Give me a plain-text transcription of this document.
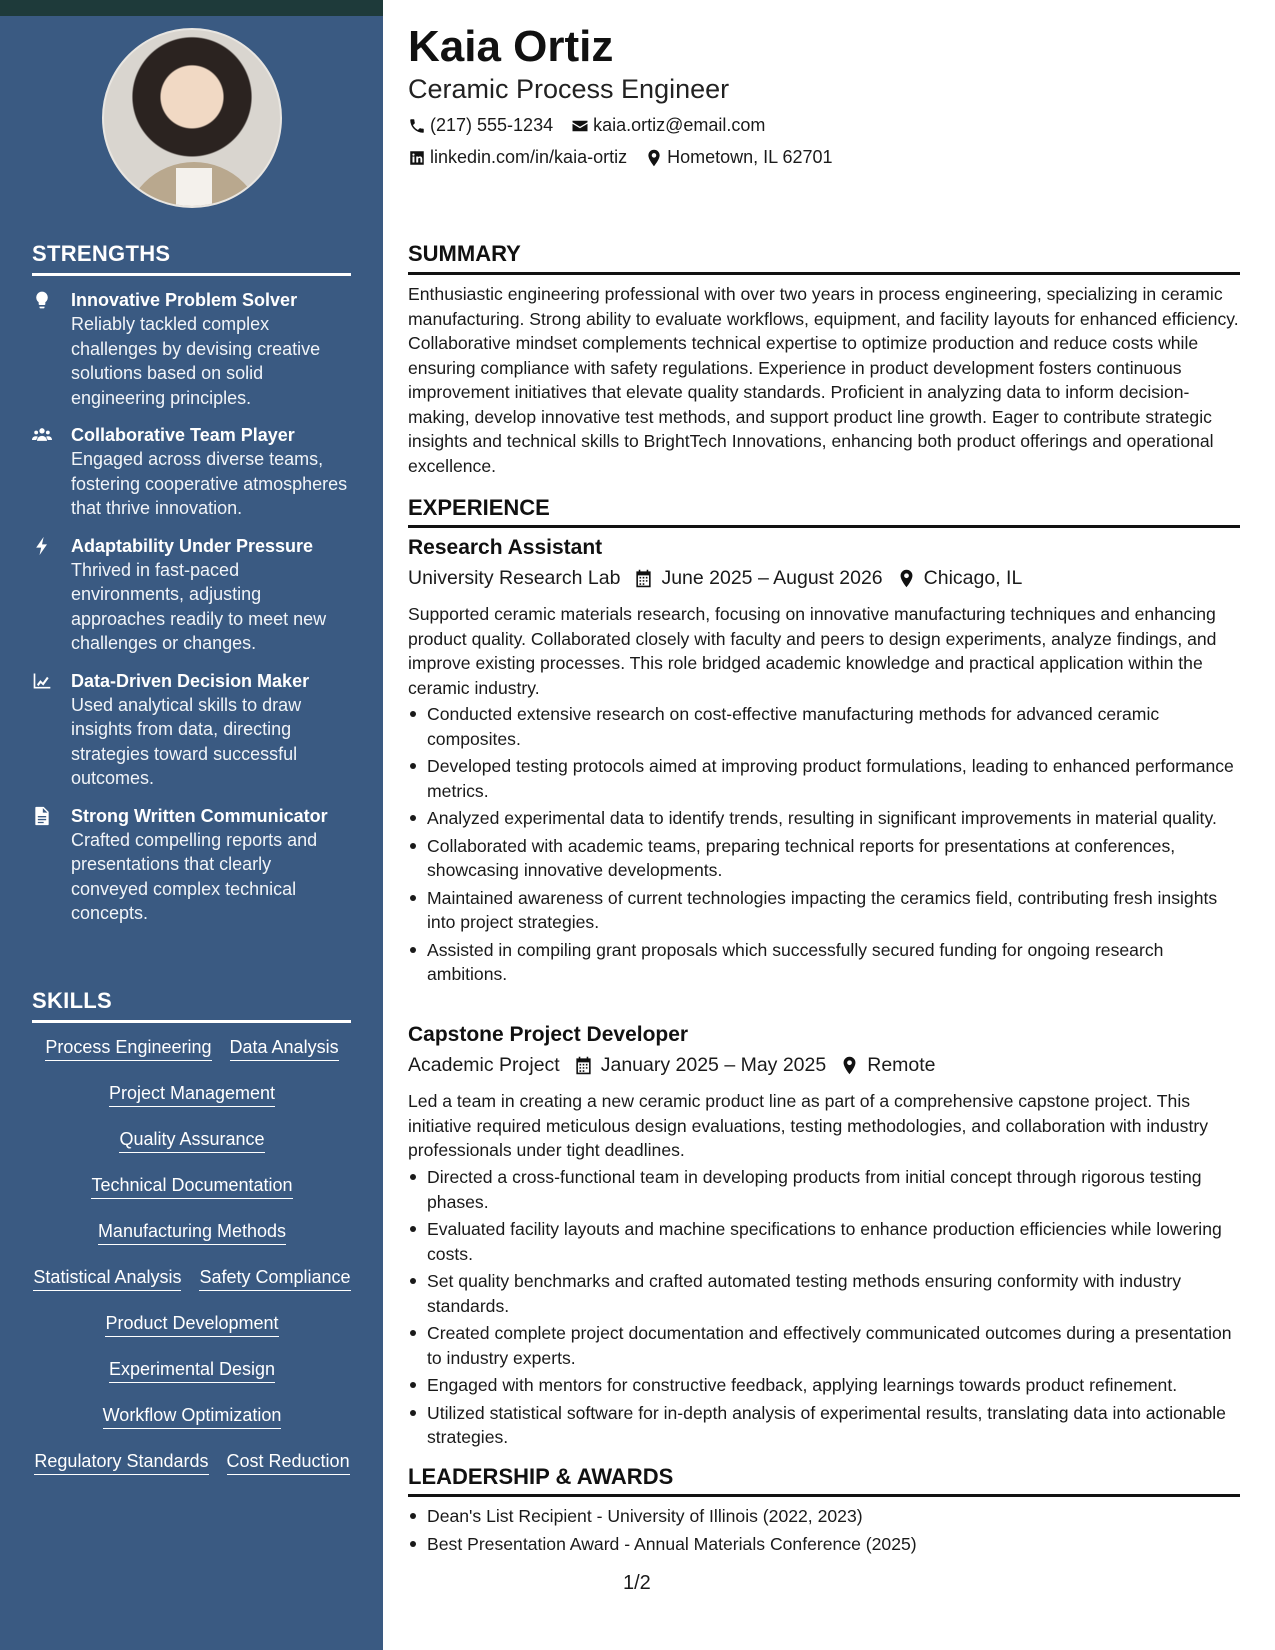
STRENGTHS
Innovative Problem Solver
Reliably tackled complex challenges by devising creative solutions based on solid engineering principles.
Collaborative Team Player
Engaged across diverse teams, fostering cooperative atmospheres that thrive innovation.
Adaptability Under Pressure
Thrived in fast-paced environments, adjusting approaches readily to meet new challenges or changes.
Data-Driven Decision Maker
Used analytical skills to draw insights from data, directing strategies toward successful outcomes.
Strong Written Communicator
Crafted compelling reports and presentations that clearly conveyed complex technical concepts.
SKILLS
Process Engineering Data Analysis
Project Management
Quality Assurance
Technical Documentation
Manufacturing Methods
Statistical Analysis Safety Compliance
Product Development
Experimental Design
Workflow Optimization
Regulatory Standards Cost Reduction
Kaia Ortiz
Ceramic Process Engineer
(217) 555-1234 kaia.ortiz@email.com
linkedin.com/in/kaia-ortiz Hometown, IL 62701
SUMMARY
Enthusiastic engineering professional with over two years in process engineering, specializing in ceramic manufacturing. Strong ability to evaluate workflows, equipment, and facility layouts for enhanced efficiency. Collaborative mindset complements technical expertise to optimize production and reduce costs while ensuring compliance with safety regulations. Experience in product development fosters continuous improvement initiatives that elevate quality standards. Proficient in analyzing data to inform decision-making, develop innovative test methods, and support product line growth. Eager to contribute strategic insights and technical skills to BrightTech Innovations, enhancing both product offerings and operational excellence.
EXPERIENCE
Research Assistant
University Research Lab June 2025 – August 2026 Chicago, IL
Supported ceramic materials research, focusing on innovative manufacturing techniques and enhancing product quality. Collaborated closely with faculty and peers to design experiments, analyze findings, and improve existing processes. This role bridged academic knowledge and practical application within the ceramic industry.
Conducted extensive research on cost-effective manufacturing methods for advanced ceramic composites.
Developed testing protocols aimed at improving product formulations, leading to enhanced performance metrics.
Analyzed experimental data to identify trends, resulting in significant improvements in material quality.
Collaborated with academic teams, preparing technical reports for presentations at conferences, showcasing innovative developments.
Maintained awareness of current technologies impacting the ceramics field, contributing fresh insights into project strategies.
Assisted in compiling grant proposals which successfully secured funding for ongoing research ambitions.
Capstone Project Developer
Academic Project January 2025 – May 2025 Remote
Led a team in creating a new ceramic product line as part of a comprehensive capstone project. This initiative required meticulous design evaluations, testing methodologies, and collaboration with industry professionals under tight deadlines.
Directed a cross-functional team in developing products from initial concept through rigorous testing phases.
Evaluated facility layouts and machine specifications to enhance production efficiencies while lowering costs.
Set quality benchmarks and crafted automated testing methods ensuring conformity with industry standards.
Created complete project documentation and effectively communicated outcomes during a presentation to industry experts.
Engaged with mentors for constructive feedback, applying learnings towards product refinement.
Utilized statistical software for in-depth analysis of experimental results, translating data into actionable strategies.
LEADERSHIP & AWARDS
Dean's List Recipient - University of Illinois (2022, 2023)
Best Presentation Award - Annual Materials Conference (2025)
1/2
